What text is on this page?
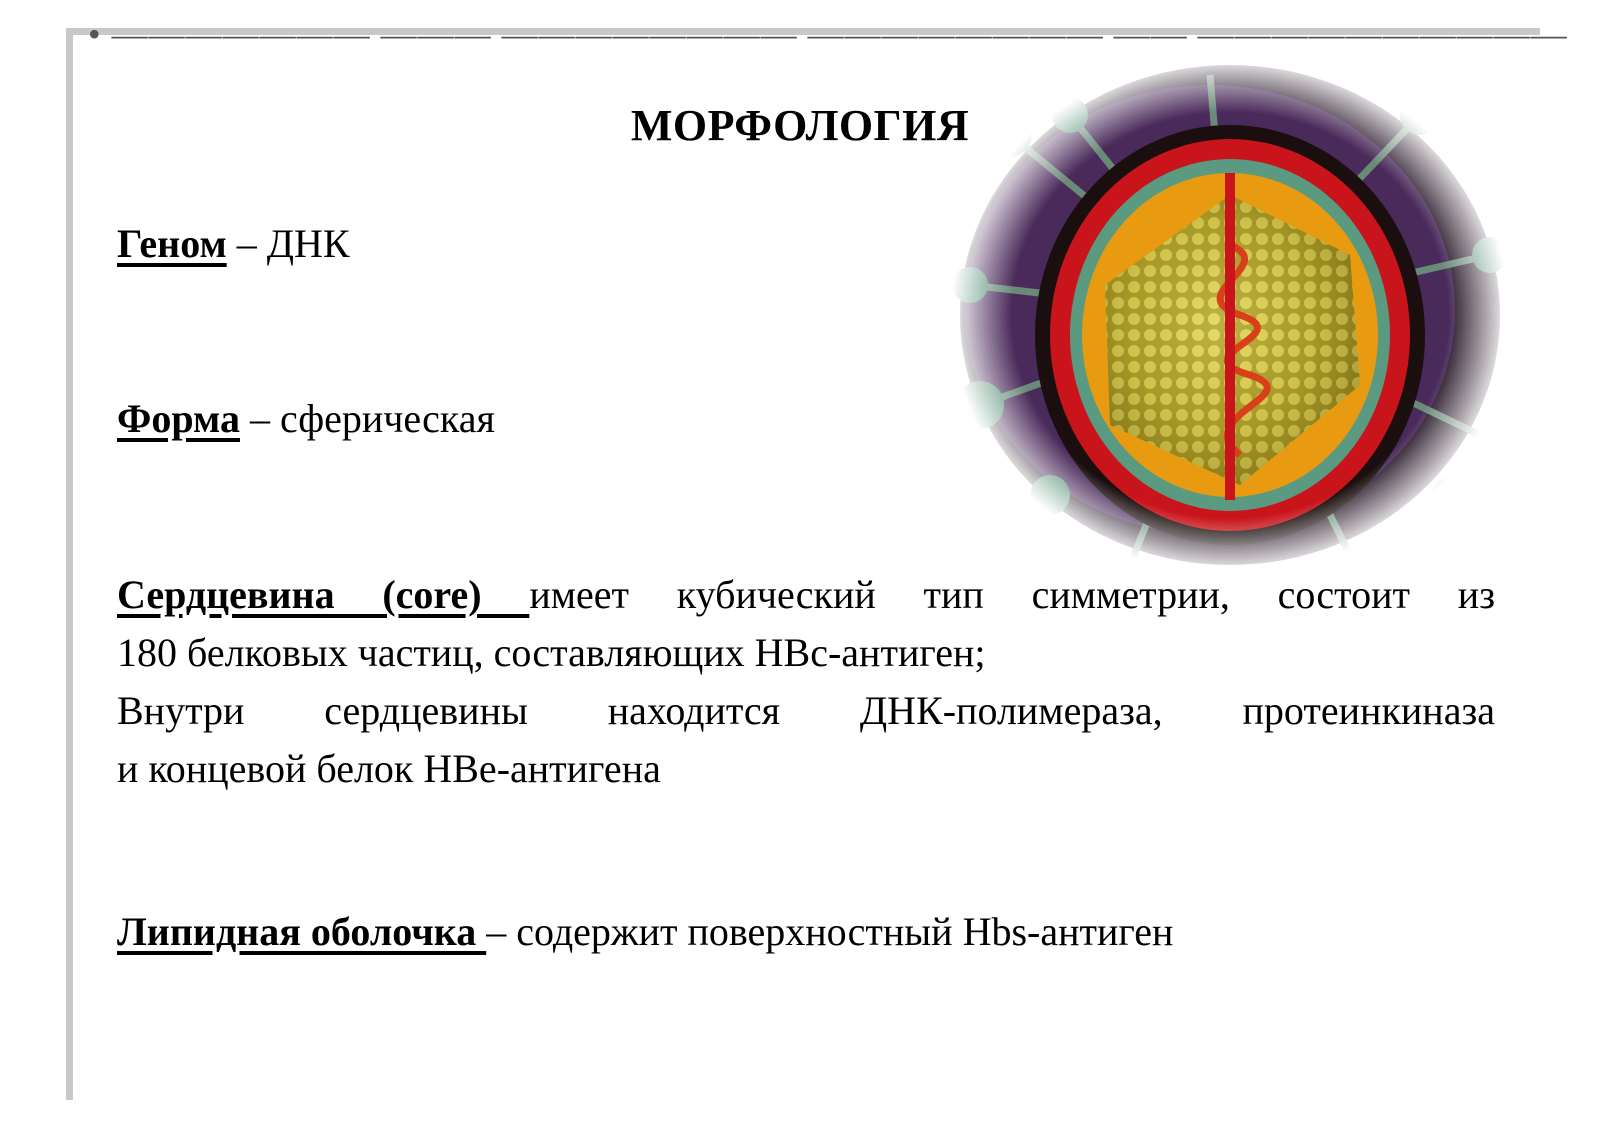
• ——————— ——— ———————— ———————— —— ——————————
МОРФОЛОГИЯ
Геном – ДНК
Форма – сферическая
Сердцевина (core) имеет кубический тип симметрии, состоит из
180 белковых частиц, составляющих HBc-антиген;
Внутри сердцевины находится ДНК-полимераза, протеинкиназа
и концевой белок HBe-антигена
Липидная оболочка – содержит поверхностный Hbs-антиген
